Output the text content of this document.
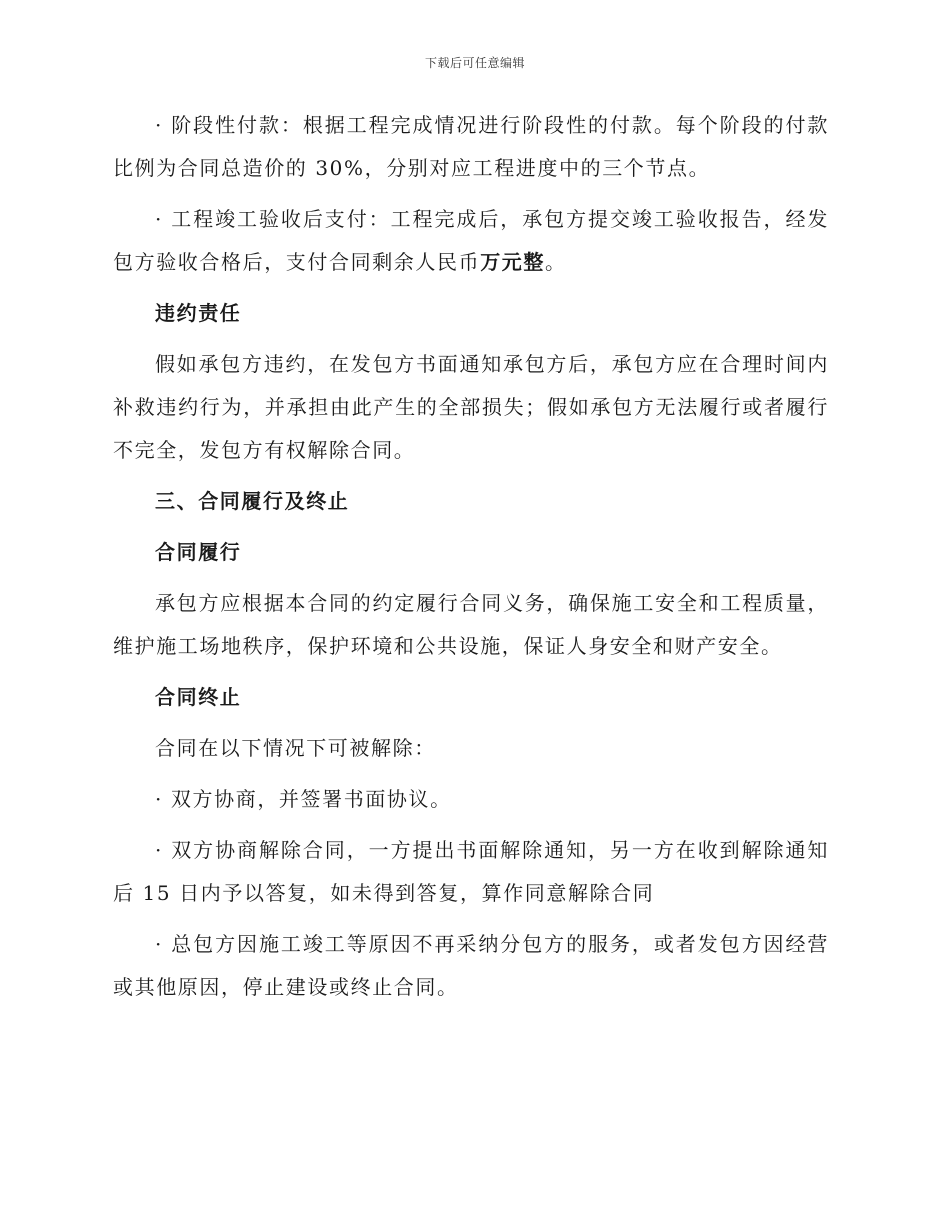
下载后可任意编辑

· 阶段性付款：根据工程完成情况进行阶段性的付款。每个阶段的付款比例为合同总造价的 30%，分别对应工程进度中的三个节点。

· 工程竣工验收后支付：工程完成后，承包方提交竣工验收报告，经发包方验收合格后，支付合同剩余人民币万元整。

违约责任

假如承包方违约，在发包方书面通知承包方后，承包方应在合理时间内补救违约行为，并承担由此产生的全部损失；假如承包方无法履行或者履行不完全，发包方有权解除合同。

三、合同履行及终止
合同履行

承包方应根据本合同的约定履行合同义务，确保施工安全和工程质量，维护施工场地秩序，保护环境和公共设施，保证人身安全和财产安全。

合同终止

合同在以下情况下可被解除：

· 双方协商，并签署书面协议。

· 双方协商解除合同，一方提出书面解除通知，另一方在收到解除通知后 15 日内予以答复，如未得到答复，算作同意解除合同

· 总包方因施工竣工等原因不再采纳分包方的服务，或者发包方因经营或其他原因，停止建设或终止合同。
